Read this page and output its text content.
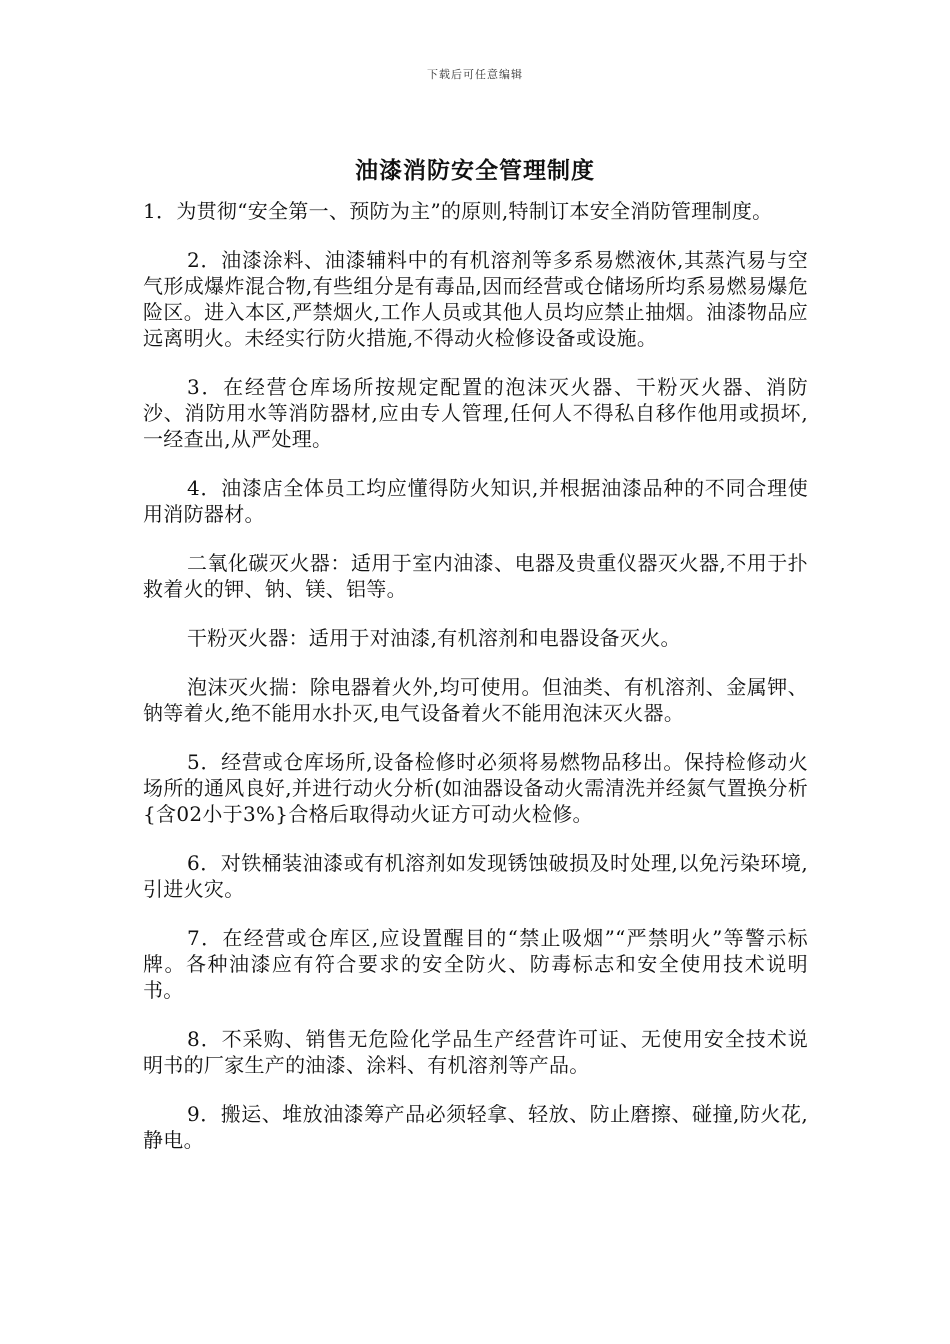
下载后可任意编辑
油漆消防安全管理制度

1．为贯彻“安全第一、预防为主”的原则,特制订本安全消防管理制度。

2．油漆涂料、油漆辅料中的有机溶剂等多系易燃液休,其蒸汽易与空气形成爆炸混合物,有些组分是有毒品,因而经营或仓储场所均系易燃易爆危险区。进入本区,严禁烟火,工作人员或其他人员均应禁止抽烟。油漆物品应远离明火。未经实行防火措施,不得动火检修设备或设施。

3．在经营仓库场所按规定配置的泡沫灭火器、干粉灭火器、消防沙、消防用水等消防器材,应由专人管理,任何人不得私自移作他用或损坏,一经查出,从严处理。

4．油漆店全体员工均应懂得防火知识,并根据油漆品种的不同合理使用消防器材。

二氧化碳灭火器：适用于室内油漆、电器及贵重仪器灭火器,不用于扑救着火的钾、钠、镁、铝等。

干粉灭火器：适用于对油漆,有机溶剂和电器设备灭火。

泡沫灭火揣：除电器着火外,均可使用。但油类、有机溶剂、金属钾、钠等着火,绝不能用水扑灭,电气设备着火不能用泡沫灭火器。

5．经营或仓库场所,设备检修时必须将易燃物品移出。保持检修动火场所的通风良好,并进行动火分析(如油器设备动火需清洗并经氮气置换分析{含02小于3%}合格后取得动火证方可动火检修。

6．对铁桶装油漆或有机溶剂如发现锈蚀破损及时处理,以免污染环境,引进火灾。

7．在经营或仓库区,应设置醒目的“禁止吸烟”“严禁明火”等警示标牌。各种油漆应有符合要求的安全防火、防毒标志和安全使用技术说明书。

8．不采购、销售无危险化学品生产经营许可证、无使用安全技术说明书的厂家生产的油漆、涂料、有机溶剂等产品。

9．搬运、堆放油漆筹产品必须轻拿、轻放、防止磨擦、碰撞,防火花,静电。
